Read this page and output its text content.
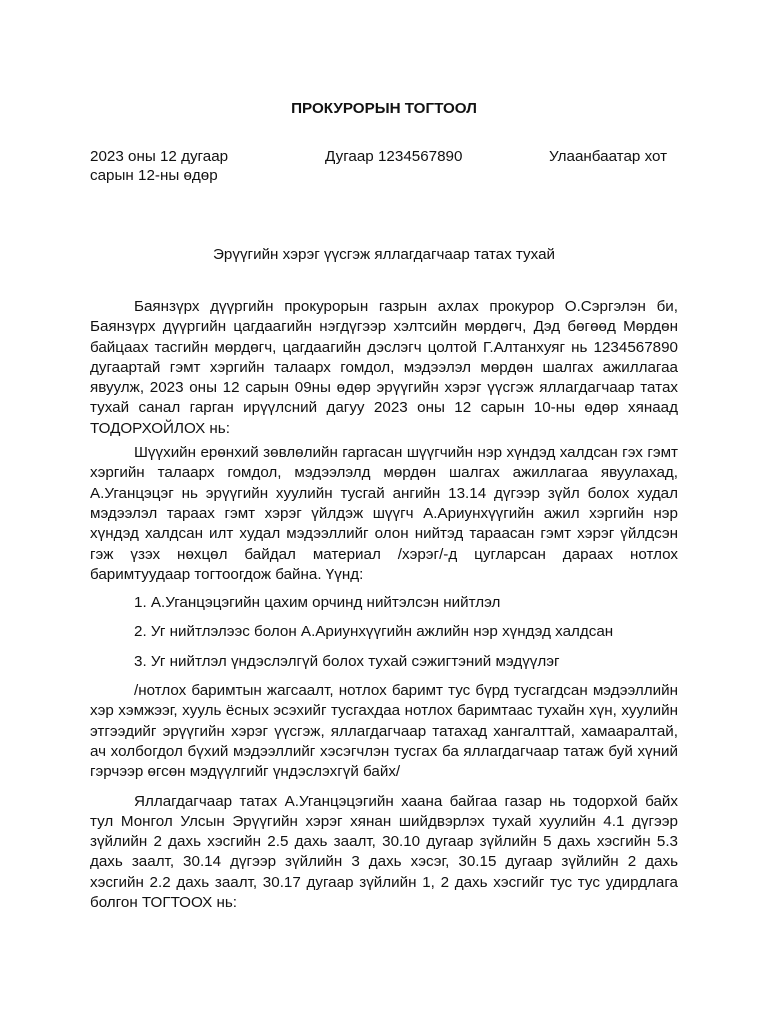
ПРОКУРОРЫН ТОГТООЛ
2023 оны 12 дугаар сарын 12-ны өдөр
Дугаар 1234567890	Улаанбаатар хот
Эрүүгийн хэрэг үүсгэж яллагдагчаар татах тухай

Баянзүрх дүүргийн прокурорын газрын ахлах прокурор О.Сэргэлэн би, Баянзүрх дүүргийн цагдаагийн нэгдүгээр хэлтсийн мөрдөгч, Дэд бөгөөд Мөрдөн байцаах тасгийн мөрдөгч, цагдаагийн дэслэгч цолтой Г.Алтанхуяг нь 1234567890 дугаартай гэмт хэргийн талаарх гомдол, мэдээлэл мөрдөн шалгах ажиллагаа явуулж, 2023 оны 12 сарын 09ны өдөр эрүүгийн хэрэг үүсгэж яллагдагчаар татах тухай санал гарган ирүүлсний дагуу 2023 оны 12 сарын 10-ны өдөр хянаад ТОДОРХОЙЛОХ нь:

Шүүхийн ерөнхий зөвлөлийн гаргасан шүүгчийн нэр хүндэд халдсан гэх гэмт хэргийн талаарх гомдол, мэдээлэлд мөрдөн шалгах ажиллагаа явуулахад, А.Уганцэцэг нь эрүүгийн хуулийн тусгай ангийн 13.14 дүгээр зүйл болох худал мэдээлэл тараах гэмт хэрэг үйлдэж шүүгч А.Ариунхүүгийн ажил хэргийн нэр хүндэд халдсан илт худал мэдээллийг олон нийтэд тараасан гэмт хэрэг үйлдсэн гэж үзэх нөхцөл байдал материал /хэрэг/-д цугларсан дараах нотлох баримтуудаар тогтоогдож байна. Үүнд:

1. А.Уганцэцэгийн цахим орчинд нийтэлсэн нийтлэл
2. Уг нийтлэлээс болон А.Ариунхүүгийн ажлийн нэр хүндэд халдсан
3. Уг нийтлэл үндэслэлгүй болох тухай сэжигтэний мэдүүлэг

/нотлох баримтын жагсаалт, нотлох баримт тус бүрд тусгагдсан мэдээллийн хэр хэмжээг, хууль ёсных эсэхийг тусгахдаа нотлох баримтаас тухайн хүн, хуулийн этгээдийг эрүүгийн хэрэг үүсгэж, яллагдагчаар татахад хангалттай, хамааралтай, ач холбогдол бүхий мэдээллийг хэсэгчлэн тусгах ба яллагдагчаар татаж буй хүний гэрчээр өгсөн мэдүүлгийг үндэслэхгүй байх/

Яллагдагчаар татах А.Уганцэцэгийн хаана байгаа газар нь тодорхой байх тул Монгол Улсын Эрүүгийн хэрэг хянан шийдвэрлэх тухай хуулийн 4.1 дүгээр зүйлийн 2 дахь хэсгийн 2.5 дахь заалт, 30.10 дугаар зүйлийн 5 дахь хэсгийн 5.3 дахь заалт, 30.14 дүгээр зүйлийн 3 дахь хэсэг, 30.15 дугаар зүйлийн 2 дахь хэсгийн 2.2 дахь заалт, 30.17 дугаар зүйлийн 1, 2 дахь хэсгийг тус тус удирдлага болгон ТОГТООХ нь:
